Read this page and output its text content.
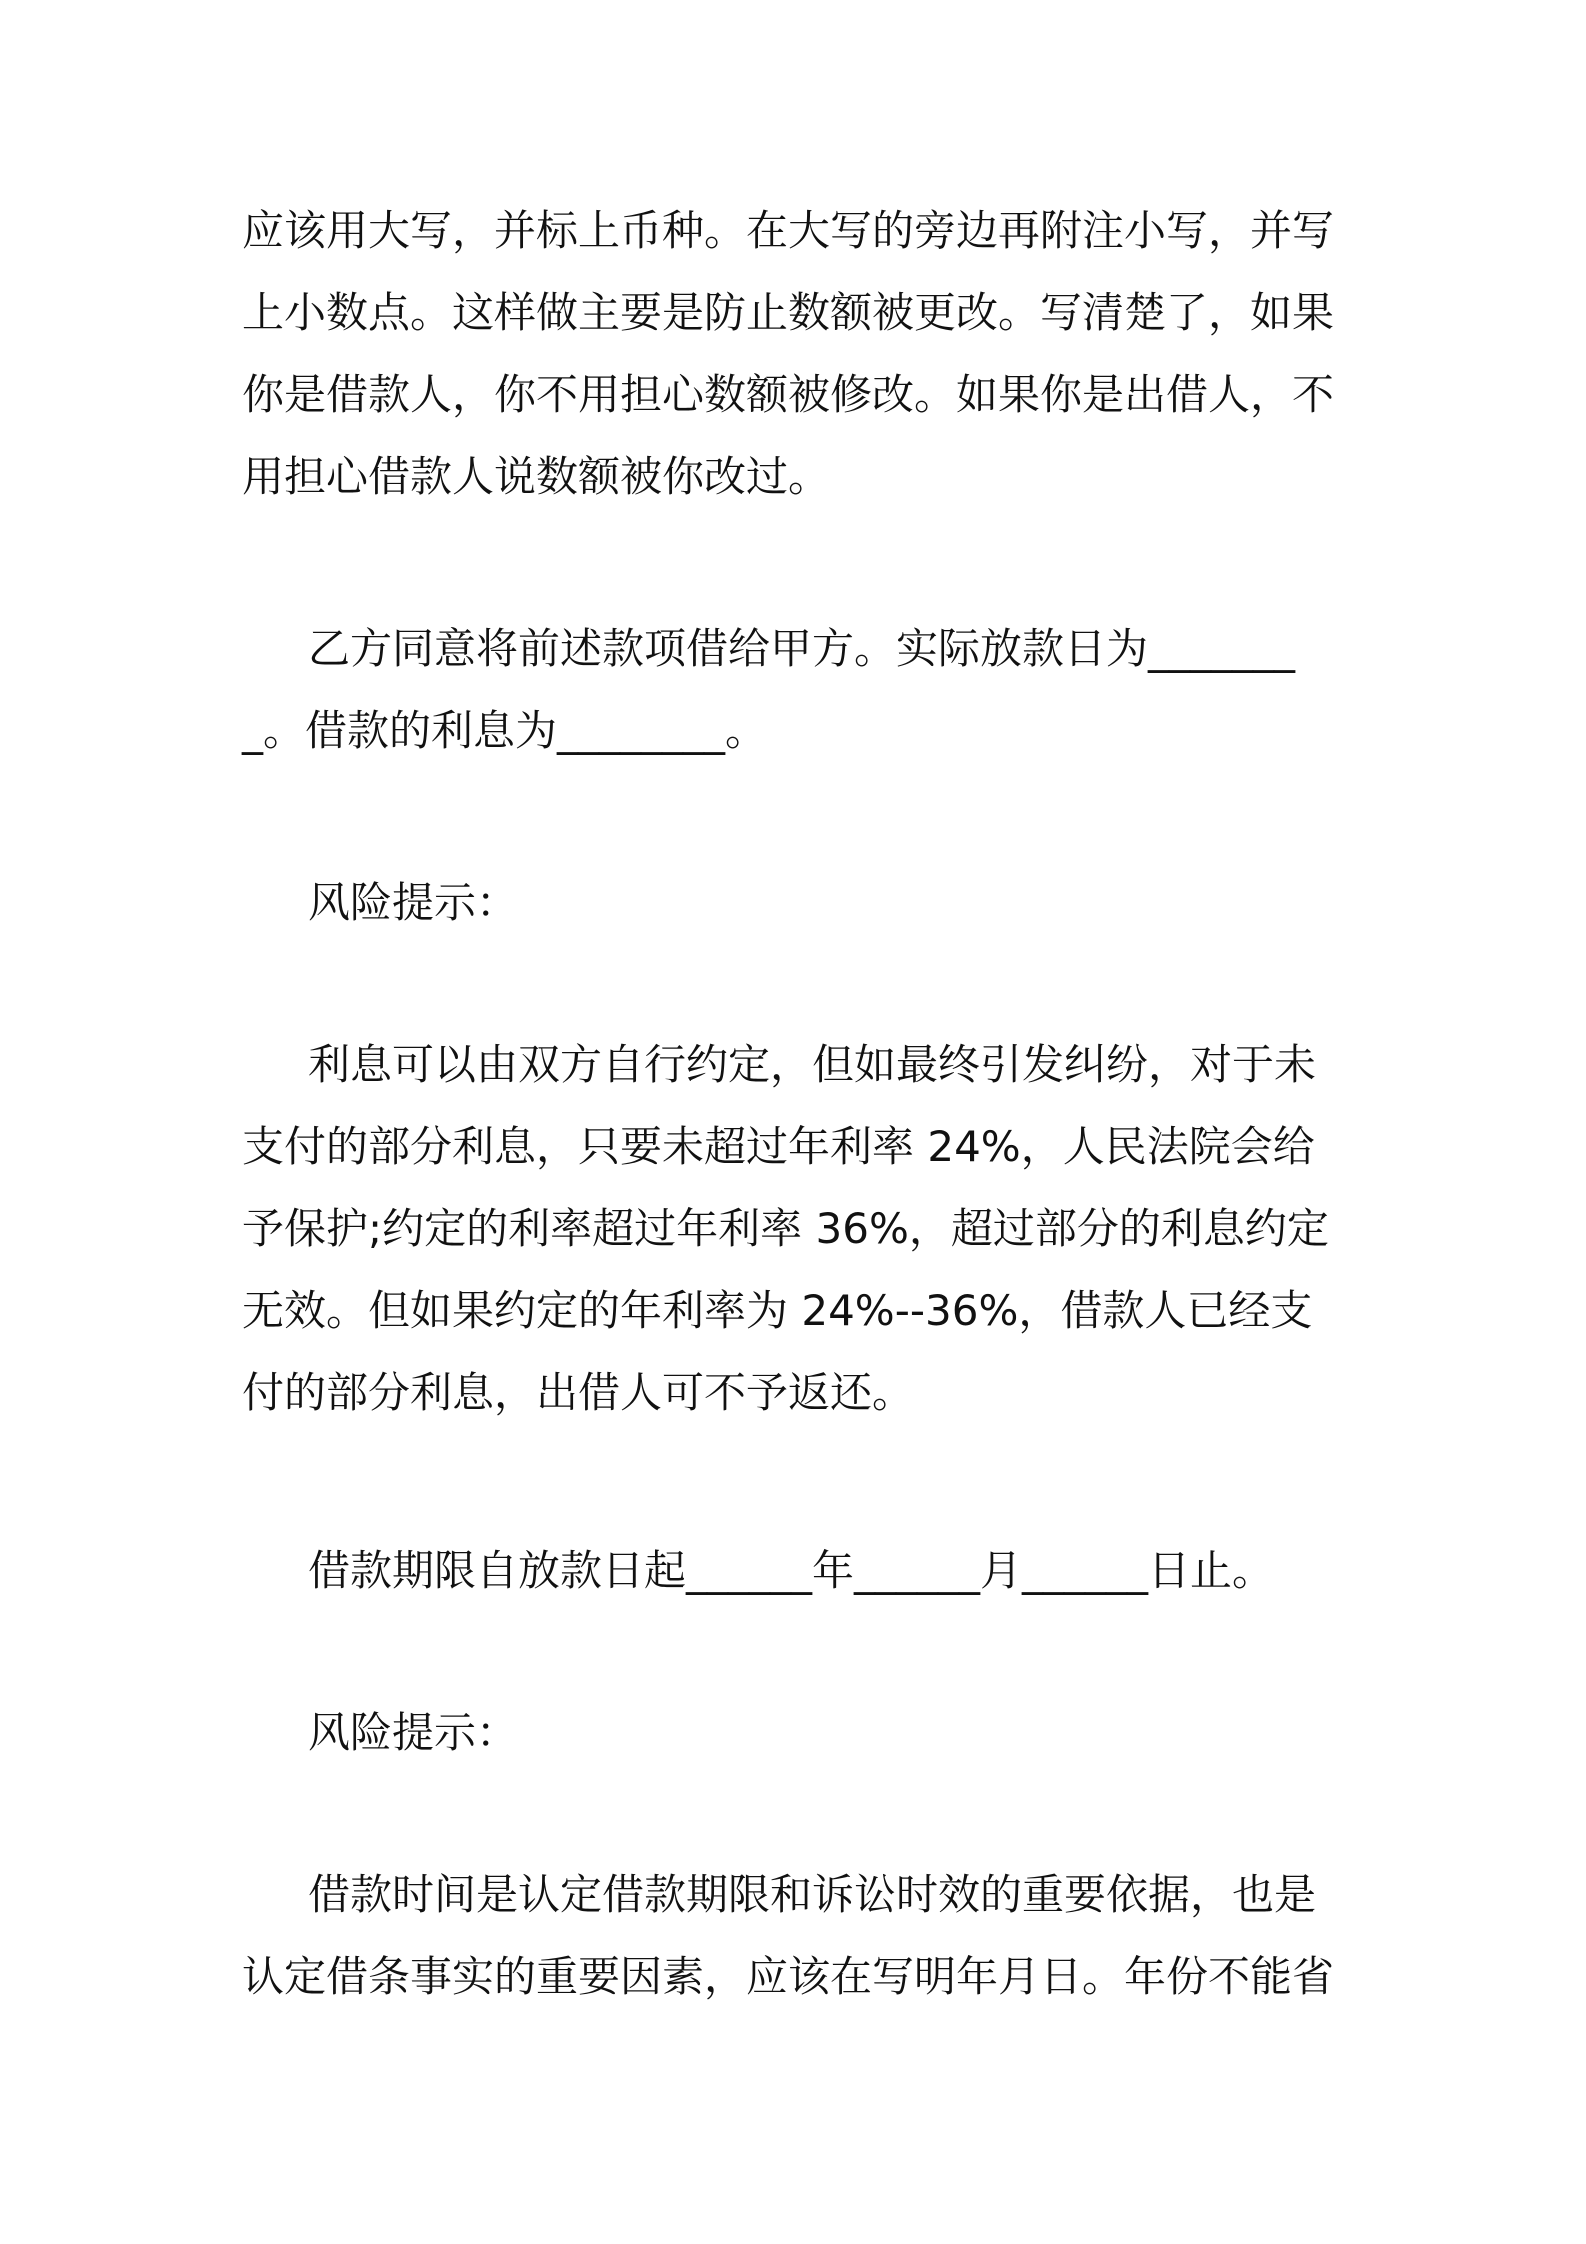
应该用大写，并标上币种。在大写的旁边再附注小写，并写上小数点。这样做主要是防止数额被更改。写清楚了，如果你是借款人，你不用担心数额被修改。如果你是出借人，不用担心借款人说数额被你改过。

乙方同意将前述款项借给甲方。实际放款日为________。借款的利息为________。

风险提示：

利息可以由双方自行约定，但如最终引发纠纷，对于未支付的部分利息，只要未超过年利率 24%，人民法院会给予保护;约定的利率超过年利率 36%，超过部分的利息约定无效。但如果约定的年利率为 24%--36%，借款人已经支付的部分利息，出借人可不予返还。

借款期限自放款日起______年______月______日止。

风险提示：

借款时间是认定借款期限和诉讼时效的重要依据，也是认定借条事实的重要因素，应该在写明年月日。年份不能省
